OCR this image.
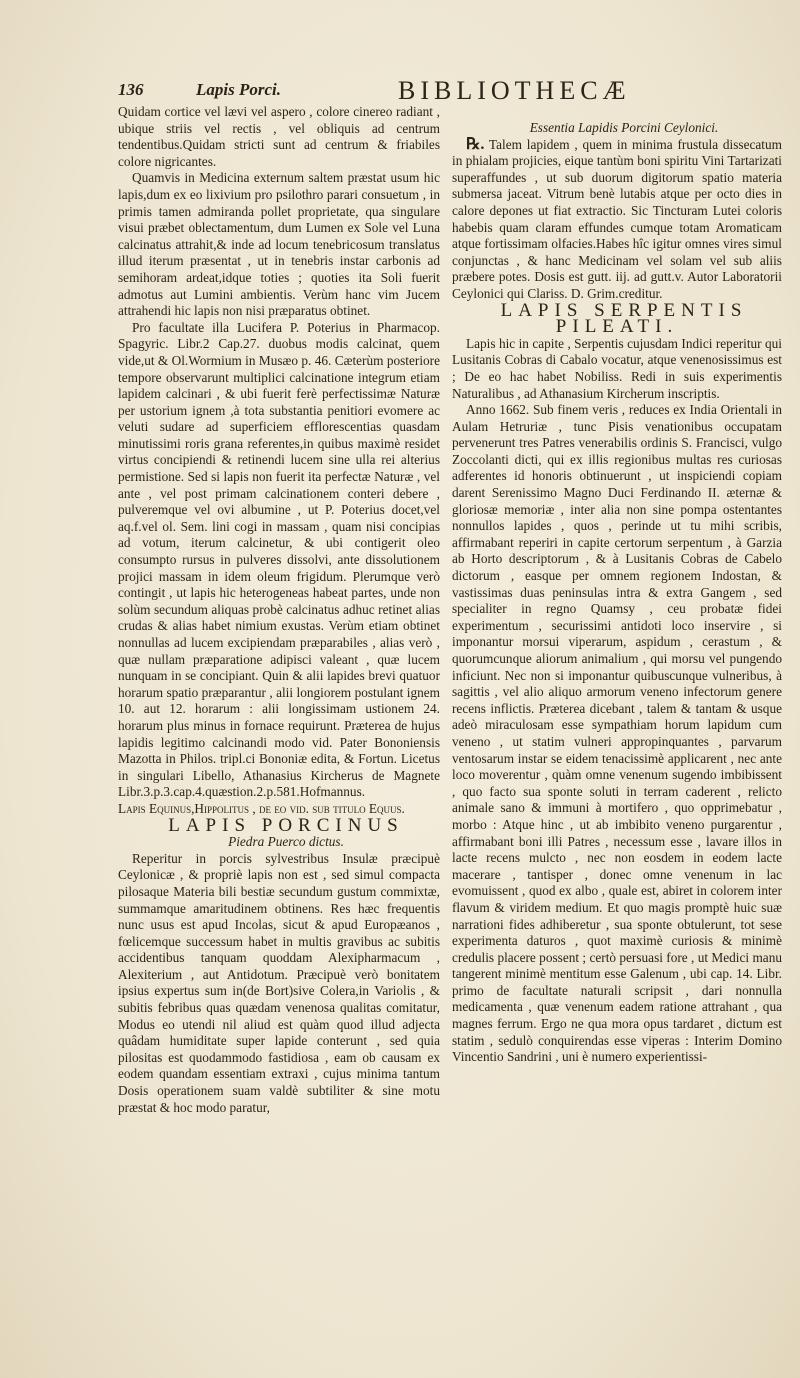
136	Lapis Porci.	BIBLIOTHECÆ

Quidam cortice vel lævi vel aspero , colore cinereo radiant , ubique striis vel rectis , vel obliquis ad centrum tendentibus.Quidam stricti sunt ad centrum & friabiles colore nigricantes.

Quamvis in Medicina externum saltem præstat usum hic lapis,dum ex eo lixivium pro psilothro parari consuetum , in primis tamen admiranda pollet proprietate, qua singulare visui præbet oblectamentum, dum Lumen ex Sole vel Luna calcinatus attrahit,& inde ad locum tenebricosum translatus illud iterum præsentat , ut in tenebris instar carbonis ad semihoram ardeat,idque toties ; quoties ita Soli fuerit admotus aut Lumini ambientis. Verùm hanc vim Jucem attrahendi hic lapis non nisi præparatus obtinet.

Pro facultate illa Lucifera P. Poterius in Pharmacop. Spagyric. Libr.2 Cap.27. duobus modis calcinat, quem vide,ut & Ol.Wormium in Musæo p. 46. Cæterùm posteriore tempore observarunt multiplici calcinatione integrum etiam lapidem calcinari , & ubi fuerit ferè perfectissimæ Naturæ per ustorium ignem ,à tota substantia penitiori evomere ac veluti sudare ad superficiem efflorescentias quasdam minutissimi roris grana referentes,in quibus maximè residet virtus concipiendi & retinendi lucem sine ulla rei alterius permistione. Sed si lapis non fuerit ita perfectæ Naturæ , vel ante , vel post primam calcinationem conteri debere , pulveremque vel ovi albumine , ut P. Poterius docet,vel aq.f.vel ol. Sem. lini cogi in massam , quam nisi concipias ad votum, iterum calcinetur, & ubi contigerit oleo consumpto rursus in pulveres dissolvi, ante dissolutionem projici massam in idem oleum frigidum. Plerumque verò contingit , ut lapis hic heterogeneas habeat partes, unde non solùm secundum aliquas probè calcinatus adhuc retinet alias crudas & alias habet nimium exustas. Verùm etiam obtinet nonnullas ad lucem excipiendam præparabiles , alias verò , quæ nullam præparatione adipisci valeant , quæ lucem nunquam in se concipiant. Quin & alii lapides brevi quatuor horarum spatio præparantur , alii longiorem postulant ignem 10. aut 12. horarum : alii longissimam ustionem 24. horarum plus minus in fornace requirunt. Præterea de hujus lapidis legitimo calcinandi modo vid. Pater Bononiensis Mazotta in Philos. tripl.ci Bononiæ edita, & Fortun. Licetus in singulari Libello, Athanasius Kircherus de Magnete Libr.3.p.3.cap.4.quæstion.2.p.581.Hofmannus.

Lapis Equinus,Hippolitus , de eo vid. sub titulo Equus.

LAPIS PORCINUS

Piedra Puerco dictus.

Reperitur in porcis sylvestribus Insulæ præcipuè Ceylonicæ , & propriè lapis non est , sed simul compacta pilosaque Materia bili bestiæ secundum gustum commixtæ, summamque amaritudinem obtinens. Res hæc frequentis nunc usus est apud Incolas, sicut & apud Europæanos , fœlicemque successum habet in multis gravibus ac subitis accidentibus tanquam quoddam Alexipharmacum , Alexiterium , aut Antidotum. Præcipuè verò bonitatem ipsius expertus sum in(de Bort)sive Colera,in Variolis , & subitis febribus quas quædam venenosa qualitas comitatur, Modus eo utendi nil aliud est quàm quod illud adjecta quâdam humiditate super lapide conterunt , sed quia pilositas est quodammodo fastidiosa , eam ob causam ex eodem quandam essentiam extraxi , cujus minima tantum Dosis operationem suam valdè subtiliter & sine motu præstat & hoc modo paratur,

Essentia Lapidis Porcini Ceylonici.

℞. Talem lapidem , quem in minima frustula dissecatum in phialam projicies, eique tantùm boni spiritu Vini Tartarizati superaffundes , ut sub duorum digitorum spatio materia submersa jaceat. Vitrum benè lutabis atque per octo dies in calore depones ut fiat extractio. Sic Tincturam Lutei coloris habebis quam claram effundes cumque totam Aromaticam atque fortissimam olfacies.Habes hîc igitur omnes vires simul conjunctas , & hanc Medicinam vel solam vel sub aliis præbere potes. Dosis est gutt. iij. ad gutt.v. Autor Laboratorii Ceylonici qui Clariss. D. Grim.creditur.

LAPIS SERPENTIS PILEATI.

Lapis hic in capite , Serpentis cujusdam Indici reperitur qui Lusitanis Cobras di Cabalo vocatur, atque venenosissimus est ; De eo hac habet Nobiliss. Redi in suis experimentis Naturalibus , ad Athanasium Kircherum inscriptis.

Anno 1662. Sub finem veris , reduces ex India Orientali in Aulam Hetruriæ , tunc Pisis venationibus occupatam pervenerunt tres Patres venerabilis ordinis S. Francisci, vulgo Zoccolanti dicti, qui ex illis regionibus multas res curiosas adferentes id honoris obtinuerunt , ut inspiciendi copiam darent Serenissimo Magno Duci Ferdinando II. æternæ & gloriosæ memoriæ , inter alia non sine pompa ostentantes nonnullos lapides , quos , perinde ut tu mihi scribis, affirmabant reperiri in capite certorum serpentum , à Garzia ab Horto descriptorum , & à Lusitanis Cobras de Cabelo dictorum , easque per omnem regionem Indostan, & vastissimas duas peninsulas intra & extra Gangem , sed specialiter in regno Quamsy , ceu probatæ fidei experimentum , securissimi antidoti loco inservire , si imponantur morsui viperarum, aspidum , cerastum , & quorumcunque aliorum animalium , qui morsu vel pungendo inficiunt. Nec non si imponantur quibuscunque vulneribus, à sagittis , vel alio aliquo armorum veneno infectorum genere recens inflictis. Præterea dicebant , talem & tantam & usque adeò miraculosam esse sympathiam horum lapidum cum veneno , ut statim vulneri appropinquantes , parvarum ventosarum instar se eidem tenacissimè applicarent , nec ante loco moverentur , quàm omne venenum sugendo imbibissent , quo facto sua sponte soluti in terram caderent , relicto animale sano & immuni à mortifero , quo opprimebatur , morbo : Atque hinc , ut ab imbibito veneno purgarentur , affirmabant boni illi Patres , necessum esse , lavare illos in lacte recens mulcto , nec non eosdem in eodem lacte macerare , tantisper , donec omne venenum in lac evomuissent , quod ex albo , quale est, abiret in colorem inter flavum & viridem medium. Et quo magis promptè huic suæ narrationi fides adhiberetur , sua sponte obtulerunt, tot sese experimenta daturos , quot maximè curiosis & minimè credulis placere possent ; certò persuasi fore , ut Medici manu tangerent minimè mentitum esse Galenum , ubi cap. 14. Libr. primo de facultate naturali scripsit , dari nonnulla medicamenta , quæ venenum eadem ratione attrahant , qua magnes ferrum. Ergo ne qua mora opus tardaret , dictum est statim , sedulò conquirendas esse viperas : Interim Domino Vincentio Sandrini , uni è numero experientissi-
